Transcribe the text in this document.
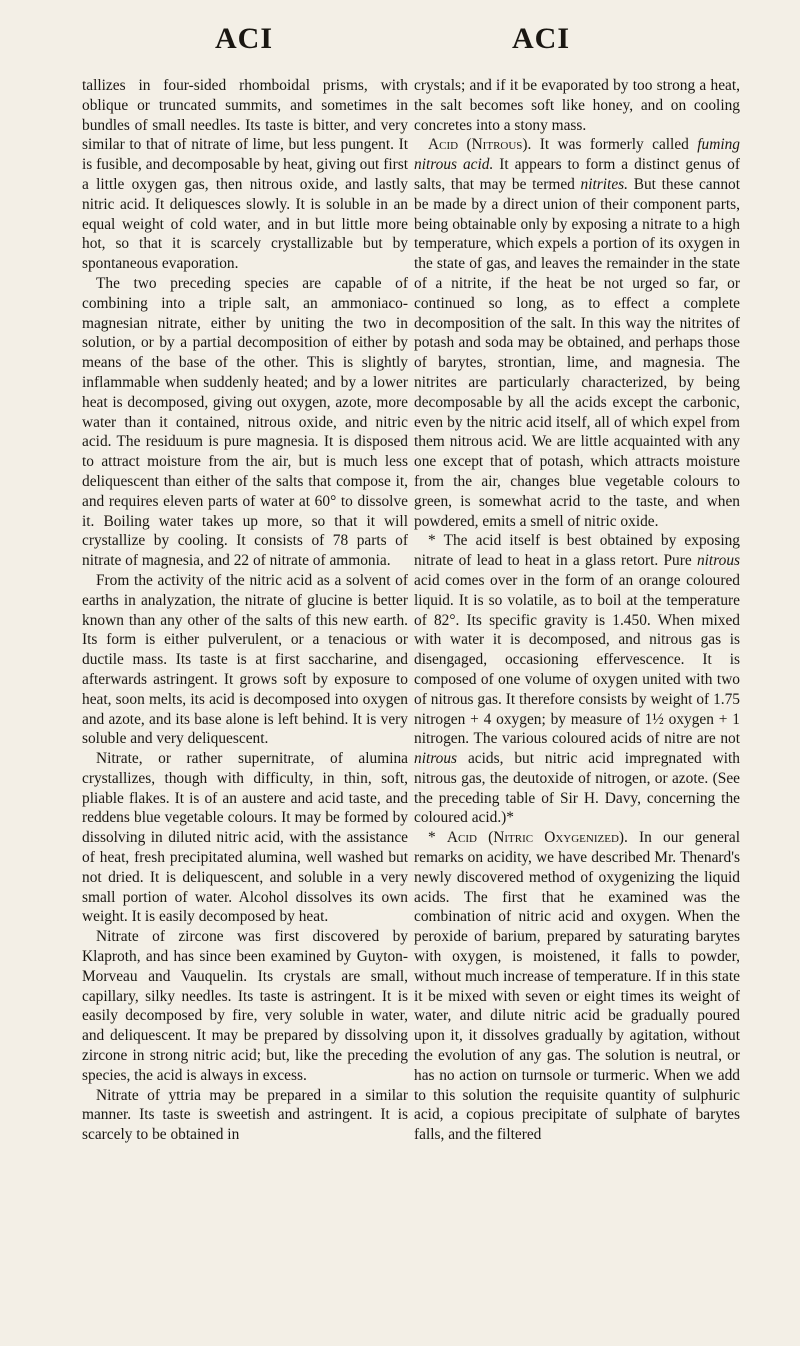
ACI	ACI

tallizes in four-sided rhomboidal prisms, with oblique or truncated summits, and sometimes in bundles of small needles. Its taste is bitter, and very similar to that of nitrate of lime, but less pungent. It is fusible, and decomposable by heat, giving out first a little oxygen gas, then nitrous oxide, and lastly nitric acid. It deliquesces slowly. It is soluble in an equal weight of cold water, and in but little more hot, so that it is scarcely crystallizable but by spontaneous evaporation.

The two preceding species are capable of combining into a triple salt, an ammoniaco-magnesian nitrate, either by uniting the two in solution, or by a partial decomposition of either by means of the base of the other. This is slightly inflammable when suddenly heated; and by a lower heat is decomposed, giving out oxygen, azote, more water than it contained, nitrous oxide, and nitric acid. The residuum is pure magnesia. It is disposed to attract moisture from the air, but is much less deliquescent than either of the salts that compose it, and requires eleven parts of water at 60° to dissolve it. Boiling water takes up more, so that it will crystallize by cooling. It consists of 78 parts of nitrate of magnesia, and 22 of nitrate of ammonia.

From the activity of the nitric acid as a solvent of earths in analyzation, the nitrate of glucine is better known than any other of the salts of this new earth. Its form is either pulverulent, or a tenacious or ductile mass. Its taste is at first saccharine, and afterwards astringent. It grows soft by exposure to heat, soon melts, its acid is decomposed into oxygen and azote, and its base alone is left behind. It is very soluble and very deliquescent.

Nitrate, or rather supernitrate, of alumina crystallizes, though with difficulty, in thin, soft, pliable flakes. It is of an austere and acid taste, and reddens blue vegetable colours. It may be formed by dissolving in diluted nitric acid, with the assistance of heat, fresh precipitated alumina, well washed but not dried. It is deliquescent, and soluble in a very small portion of water. Alcohol dissolves its own weight. It is easily decomposed by heat.

Nitrate of zircone was first discovered by Klaproth, and has since been examined by Guyton-Morveau and Vauquelin. Its crystals are small, capillary, silky needles. Its taste is astringent. It is easily decomposed by fire, very soluble in water, and deliquescent. It may be prepared by dissolving zircone in strong nitric acid; but, like the preceding species, the acid is always in excess.

Nitrate of yttria may be prepared in a similar manner. Its taste is sweetish and astringent. It is scarcely to be obtained in

crystals; and if it be evaporated by too strong a heat, the salt becomes soft like honey, and on cooling concretes into a stony mass.

Acid (Nitrous). It was formerly called fuming nitrous acid. It appears to form a distinct genus of salts, that may be termed nitrites. But these cannot be made by a direct union of their component parts, being obtainable only by exposing a nitrate to a high temperature, which expels a portion of its oxygen in the state of gas, and leaves the remainder in the state of a nitrite, if the heat be not urged so far, or continued so long, as to effect a complete decomposition of the salt. In this way the nitrites of potash and soda may be obtained, and perhaps those of barytes, strontian, lime, and magnesia. The nitrites are particularly characterized, by being decomposable by all the acids except the carbonic, even by the nitric acid itself, all of which expel from them nitrous acid. We are little acquainted with any one except that of potash, which attracts moisture from the air, changes blue vegetable colours to green, is somewhat acrid to the taste, and when powdered, emits a smell of nitric oxide.

* The acid itself is best obtained by exposing nitrate of lead to heat in a glass retort. Pure nitrous acid comes over in the form of an orange coloured liquid. It is so volatile, as to boil at the temperature of 82°. Its specific gravity is 1.450. When mixed with water it is decomposed, and nitrous gas is disengaged, occasioning effervescence. It is composed of one volume of oxygen united with two of nitrous gas. It therefore consists by weight of 1.75 nitrogen + 4 oxygen; by measure of 1½ oxygen + 1 nitrogen. The various coloured acids of nitre are not nitrous acids, but nitric acid impregnated with nitrous gas, the deutoxide of nitrogen, or azote. (See the preceding table of Sir H. Davy, concerning the coloured acid.)*

* Acid (Nitric Oxygenized). In our general remarks on acidity, we have described Mr. Thenard's newly discovered method of oxygenizing the liquid acids. The first that he examined was the combination of nitric acid and oxygen. When the peroxide of barium, prepared by saturating barytes with oxygen, is moistened, it falls to powder, without much increase of temperature. If in this state it be mixed with seven or eight times its weight of water, and dilute nitric acid be gradually poured upon it, it dissolves gradually by agitation, without the evolution of any gas. The solution is neutral, or has no action on turnsole or turmeric. When we add to this solution the requisite quantity of sulphuric acid, a copious precipitate of sulphate of barytes falls, and the filtered
